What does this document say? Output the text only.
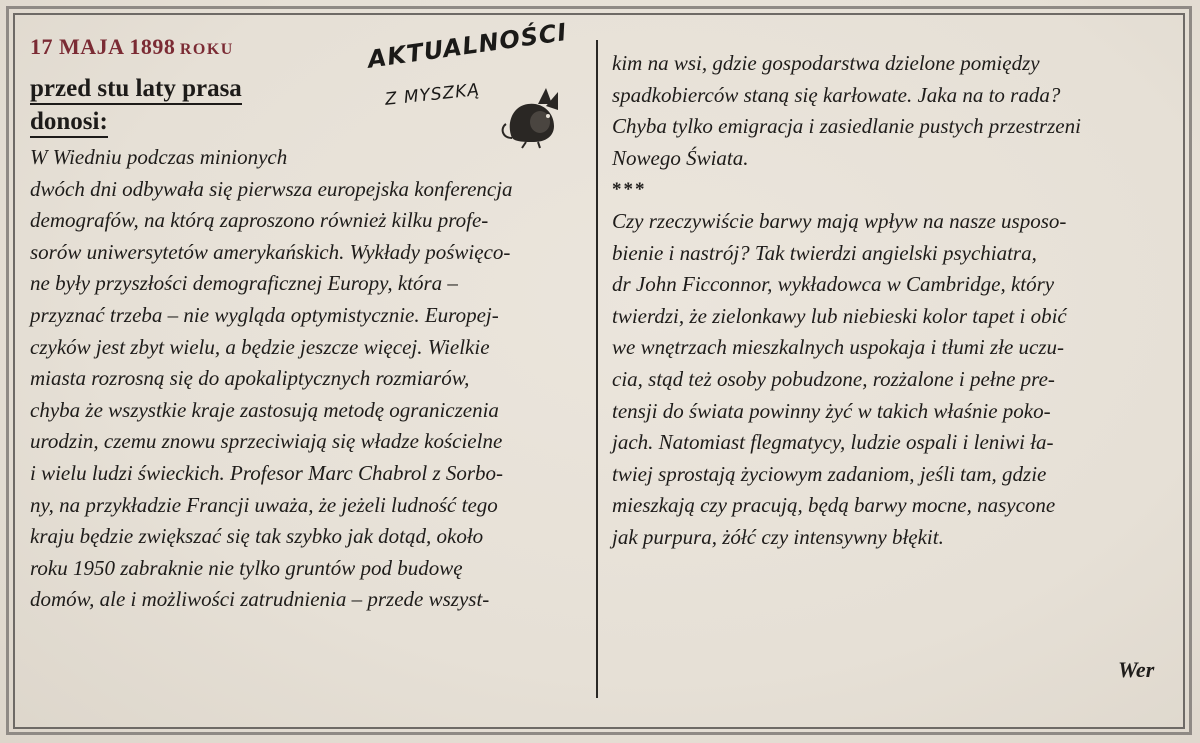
17 MAJA 1898 ROKU
przed stu laty prasa
donosi:
AKTUALNOŚCI
Z MYSZKĄ
W Wiedniu podczas minionych
dwóch dni odbywała się pierwsza europejska konferencja
demografów, na którą zaproszono również kilku profe-
sorów uniwersytetów amerykańskich. Wykłady poświęco-
ne były przyszłości demograficznej Europy, która –
przyznać trzeba – nie wygląda optymistycznie. Europej-
czyków jest zbyt wielu, a będzie jeszcze więcej. Wielkie
miasta rozrosną się do apokaliptycznych rozmiarów,
chyba że wszystkie kraje zastosują metodę ograniczenia
urodzin, czemu znowu sprzeciwiają się władze kościelne
i wielu ludzi świeckich. Profesor Marc Chabrol z Sorbo-
ny, na przykładzie Francji uważa, że jeżeli ludność tego
kraju będzie zwiększać się tak szybko jak dotąd, około
roku 1950 zabraknie nie tylko gruntów pod budowę
domów, ale i możliwości zatrudnienia – przede wszyst-
kim na wsi, gdzie gospodarstwa dzielone pomiędzy
spadkobierców staną się karłowate. Jaka na to rada?
Chyba tylko emigracja i zasiedlanie pustych przestrzeni
Nowego Świata.
***
Czy rzeczywiście barwy mają wpływ na nasze usposo-
bienie i nastrój? Tak twierdzi angielski psychiatra,
dr John Ficconnor, wykładowca w Cambridge, który
twierdzi, że zielonkawy lub niebieski kolor tapet i obić
we wnętrzach mieszkalnych uspokaja i tłumi złe uczu-
cia, stąd też osoby pobudzone, rozżalone i pełne pre-
tensji do świata powinny żyć w takich właśnie poko-
jach. Natomiast flegmatycy, ludzie ospali i leniwi ła-
twiej sprostają życiowym zadaniom, jeśli tam, gdzie
mieszkają czy pracują, będą barwy mocne, nasycone
jak purpura, żółć czy intensywny błękit.
Wer
